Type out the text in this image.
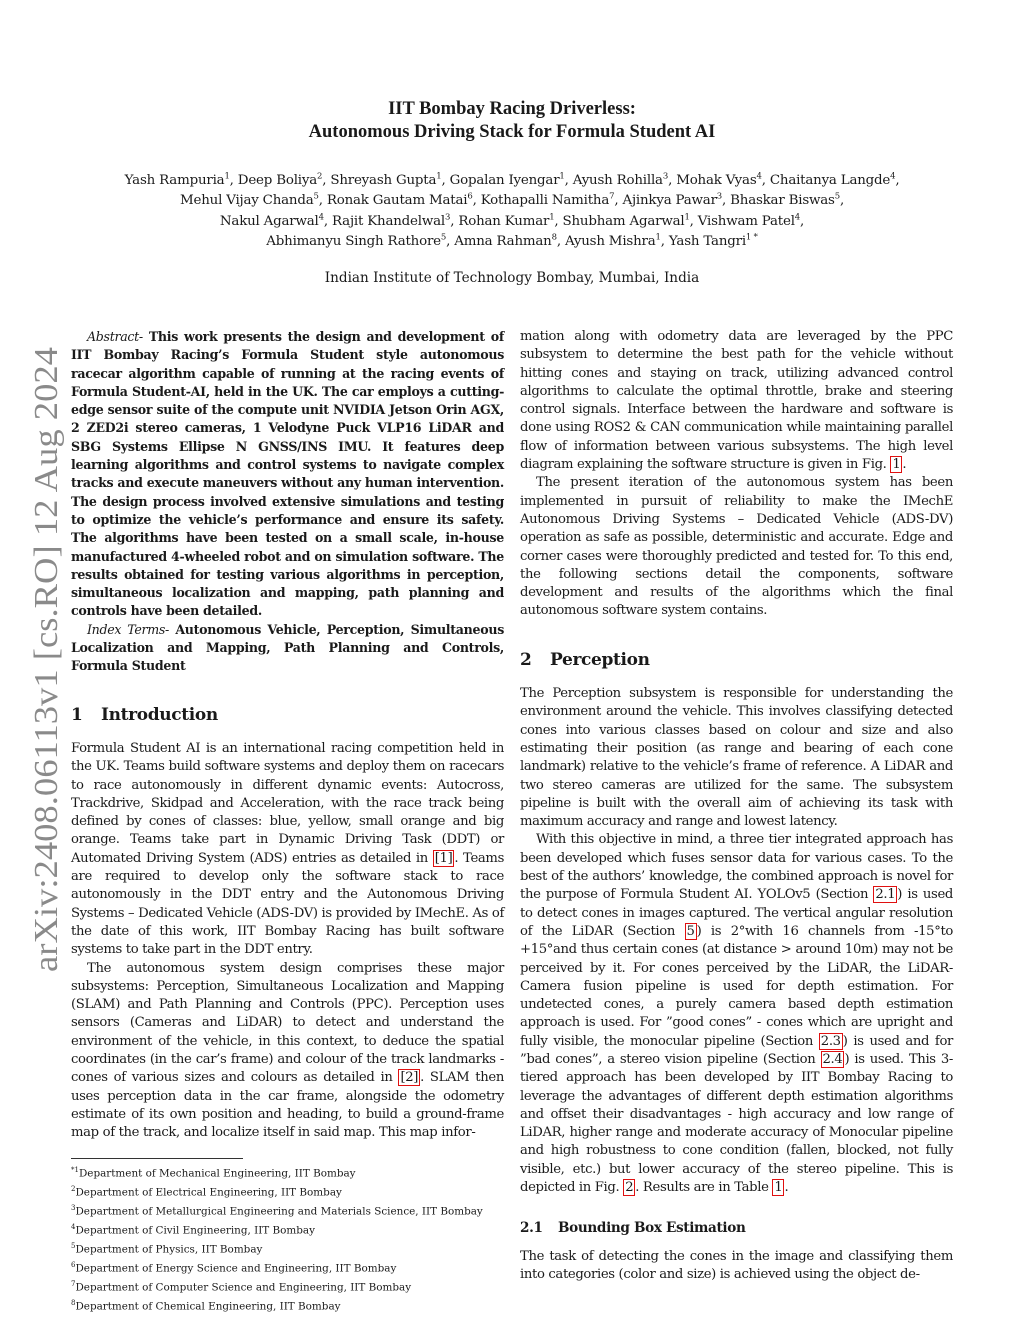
arXiv:2408.06113v1 [cs.RO] 12 Aug 2024
IIT Bombay Racing Driverless:
Autonomous Driving Stack for Formula Student AI
Yash Rampuria$^1$, Deep Boliya$^2$, Shreyash Gupta$^1$, Gopalan Iyengar$^1$, Ayush Rohilla$^3$, Mohak Vyas$^4$, Chaitanya Langde$^4$,
Mehul Vijay Chanda$^5$, Ronak Gautam Matai$^6$, Kothapalli Namitha$^7$, Ajinkya Pawar$^3$, Bhaskar Biswas$^5$,
Nakul Agarwal$^4$, Rajit Khandelwal$^3$, Rohan Kumar$^1$, Shubham Agarwal$^1$, Vishwam Patel$^4$,
Abhimanyu Singh Rathore$^5$, Amna Rahman$^8$, Ayush Mishra$^1$, Yash Tangri$^{1 *}$
Indian Institute of Technology Bombay, Mumbai, India

Abstract- This work presents the design and development of IIT Bombay Racing’s Formula Student style autonomous racecar algorithm capable of running at the racing events of Formula Student-AI, held in the UK. The car employs a cutting-edge sensor suite of the compute unit NVIDIA Jetson Orin AGX, 2 ZED2i stereo cameras, 1 Velodyne Puck VLP16 LiDAR and SBG Systems Ellipse N GNSS/INS IMU. It features deep learning algorithms and control systems to navigate complex tracks and execute maneuvers without any human intervention. The design process involved extensive simulations and testing to optimize the vehicle’s performance and ensure its safety. The algorithms have been tested on a small scale, in-house manufactured 4-wheeled robot and on simulation software. The results obtained for testing various algorithms in perception, simultaneous localization and mapping, path planning and controls have been detailed.

Index Terms- Autonomous Vehicle, Perception, Simultaneous Localization and Mapping, Path Planning and Controls, Formula Student

1 Introduction

Formula Student AI is an international racing competition held in the UK. Teams build software systems and deploy them on racecars to race autonomously in different dynamic events: Autocross, Trackdrive, Skidpad and Acceleration, with the race track being defined by cones of classes: blue, yellow, small orange and big orange. Teams take part in Dynamic Driving Task (DDT) or Automated Driving System (ADS) entries as detailed in [1] . Teams are required to develop only the software stack to race autonomously in the DDT entry and the Autonomous Driving Systems – Dedicated Vehicle (ADS-DV) is provided by IMechE. As of the date of this work, IIT Bombay Racing has built software systems to take part in the DDT entry.

The autonomous system design comprises these major subsystems: Perception, Simultaneous Localization and Mapping (SLAM) and Path Planning and Controls (PPC). Perception uses sensors (Cameras and LiDAR) to detect and understand the environment of the vehicle, in this context, to deduce the spatial coordinates (in the car’s frame) and colour of the track landmarks - cones of various sizes and colours as detailed in [2] . SLAM then uses perception data in the car frame, alongside the odometry estimate of its own position and heading, to build a ground-frame map of the track, and localize itself in said map. This map infor-

$^{*1}$Department of Mechanical Engineering, IIT Bombay
$^2$Department of Electrical Engineering, IIT Bombay
$^3$Department of Metallurgical Engineering and Materials Science, IIT Bombay
$^4$Department of Civil Engineering, IIT Bombay
$^5$Department of Physics, IIT Bombay
$^6$Department of Energy Science and Engineering, IIT Bombay
$^7$Department of Computer Science and Engineering, IIT Bombay
$^8$Department of Chemical Engineering, IIT Bombay

mation along with odometry data are leveraged by the PPC subsystem to determine the best path for the vehicle without hitting cones and staying on track, utilizing advanced control algorithms to calculate the optimal throttle, brake and steering control signals. Interface between the hardware and software is done using ROS2 & CAN communication while maintaining parallel flow of information between various subsystems. The high level diagram explaining the software structure is given in Fig. 1 .

The present iteration of the autonomous system has been implemented in pursuit of reliability to make the IMechE Autonomous Driving Systems – Dedicated Vehicle (ADS-DV) operation as safe as possible, deterministic and accurate. Edge and corner cases were thoroughly predicted and tested for. To this end, the following sections detail the components, software development and results of the algorithms which the final autonomous software system contains.

2 Perception

The Perception subsystem is responsible for understanding the environment around the vehicle. This involves classifying detected cones into various classes based on colour and size and also estimating their position (as range and bearing of each cone landmark) relative to the vehicle’s frame of reference. A LiDAR and two stereo cameras are utilized for the same. The subsystem pipeline is built with the overall aim of achieving its task with maximum accuracy and range and lowest latency.

With this objective in mind, a three tier integrated approach has been developed which fuses sensor data for various cases. To the best of the authors’ knowledge, the combined approach is novel for the purpose of Formula Student AI. YOLOv5 (Section 2.1 ) is used to detect cones in images captured. The vertical angular resolution of the LiDAR (Section 5 ) is 2°with 16 channels from -15°to +15°and thus certain cones (at distance > around 10m) may not be perceived by it. For cones perceived by the LiDAR, the LiDAR-Camera fusion pipeline is used for depth estimation. For undetected cones, a purely camera based depth estimation approach is used. For ”good cones” - cones which are upright and fully visible, the monocular pipeline (Section 2.3 ) is used and for ”bad cones”, a stereo vision pipeline (Section 2.4 ) is used. This 3-tiered approach has been developed by IIT Bombay Racing to leverage the advantages of different depth estimation algorithms and offset their disadvantages - high accuracy and low range of LiDAR, higher range and moderate accuracy of Monocular pipeline and high robustness to cone condition (fallen, blocked, not fully visible, etc.) but lower accuracy of the stereo pipeline. This is depicted in Fig. 2 . Results are in Table 1 .

2.1 Bounding Box Estimation

The task of detecting the cones in the image and classifying them into categories (color and size) is achieved using the object de-
